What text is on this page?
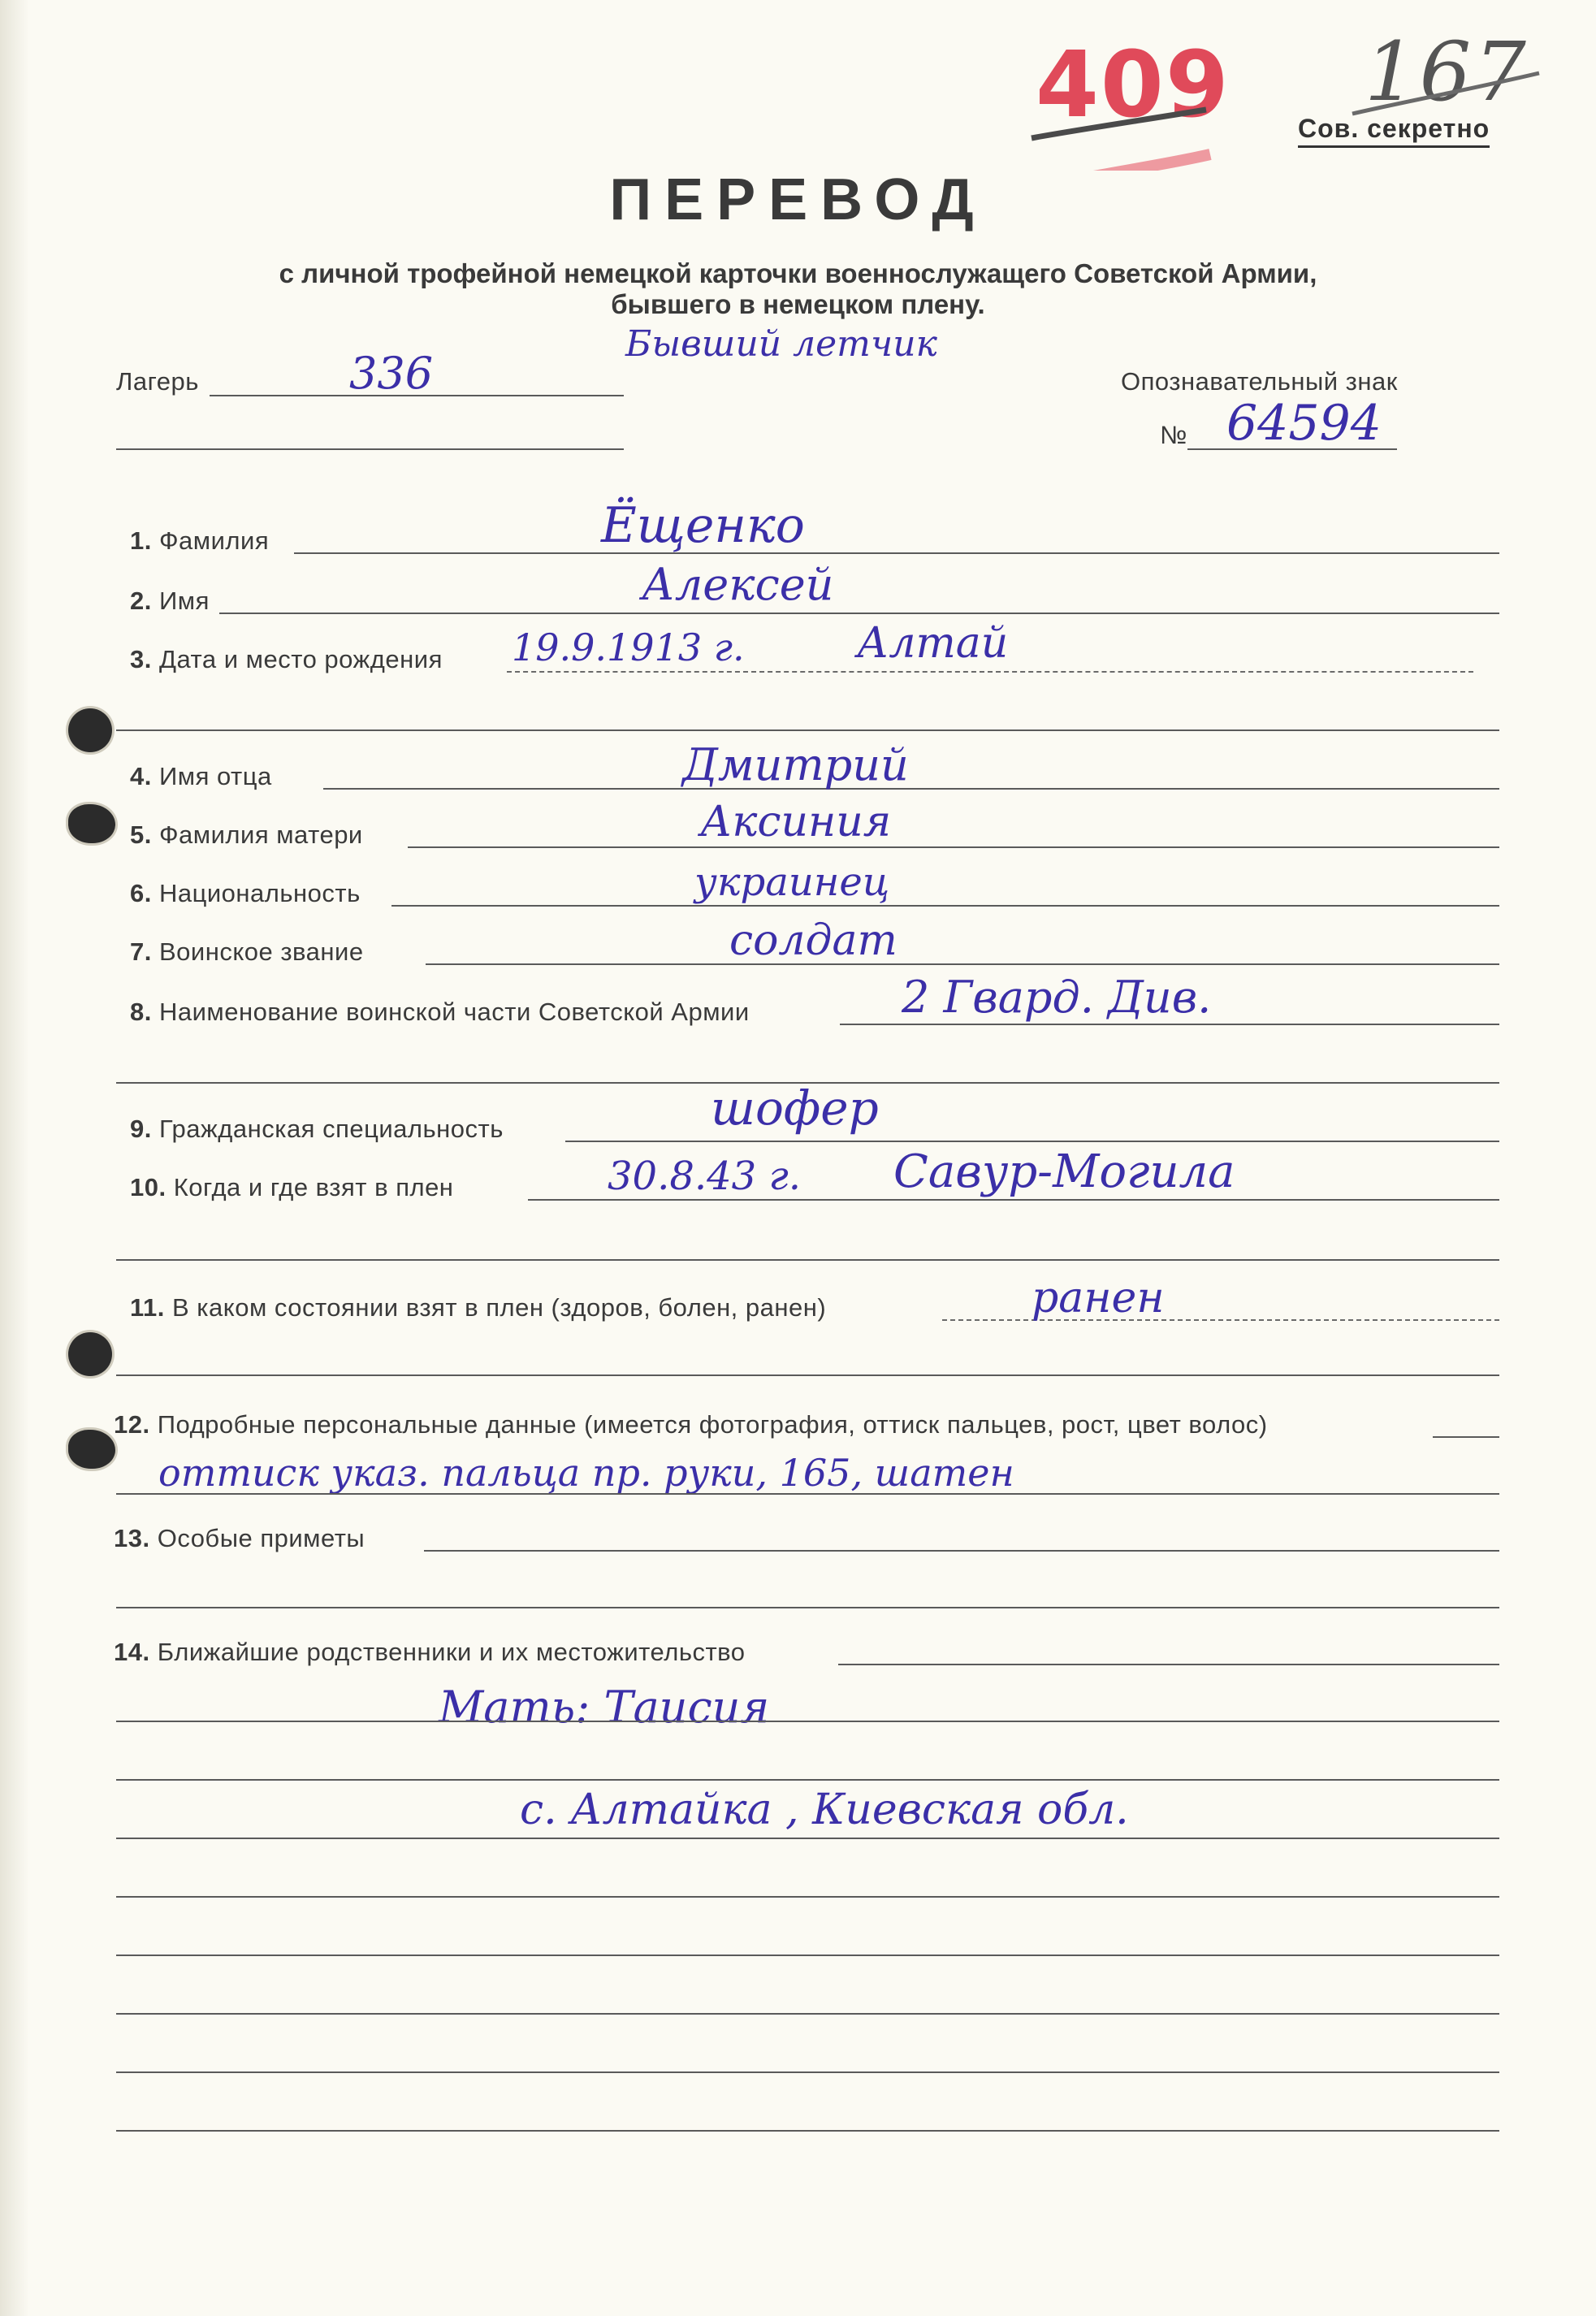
409 167
Сов. секретно
ПЕРЕВОД
с личной трофейной немецкой карточки военнослужащего Советской Армии,
бывшего в немецком плену.
Лагерь	336
Бывший летчик
Опознавательный знак
№ 64594
1. Фамилия	Ёщенко
2. Имя	Алексей
3. Дата и место рождения 19.9.1913 г.	Алтай
4. Имя отца	Дмитрий
5. Фамилия матери	Аксиния
6. Национальность	украинец
7. Воинское звание	солдат
8. Наименование воинской части Советской Армии	2 Гвард. Див.
9. Гражданская специальность	шофер
10. Когда и где взят в плен	30.8.43 г. Савур-Могила
11. В каком состоянии взят в плен (здоров, болен, ранен)	ранен
12. Подробные персональные данные (имеется фотография, оттиск пальцев, рост, цвет волос)
оттиск указ. пальца пр. руки, 165, шатен
13. Особые приметы
14. Ближайшие родственники и их местожительство
Мать: Таисия
с. Алтайка , Киевская обл.
